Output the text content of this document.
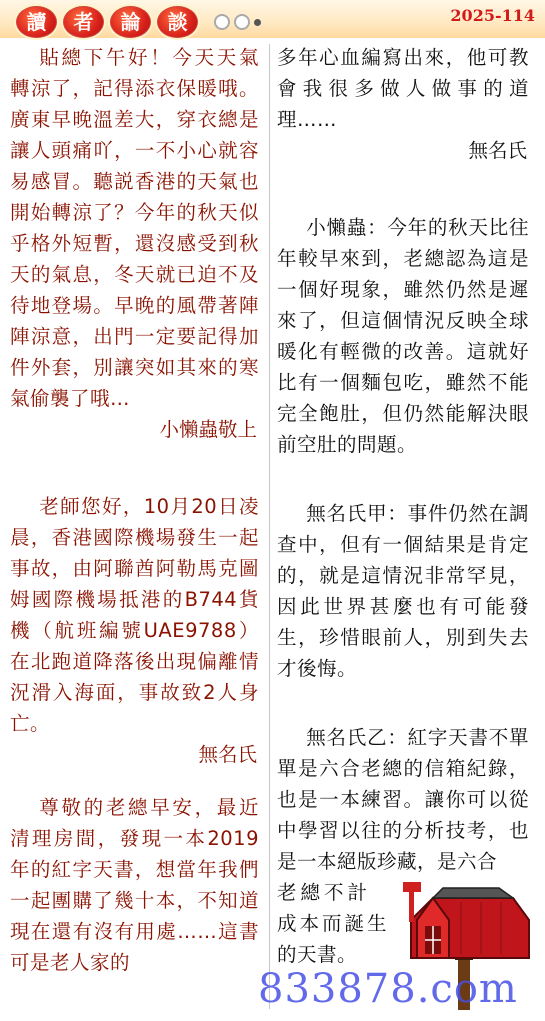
讀	者	論	談	2025-114

貼總下午好！今天天氣轉涼了，記得添衣保暖哦。廣東早晚溫差大，穿衣總是讓人頭痛吖，一不小心就容易感冒。聽説香港的天氣也開始轉涼了？今年的秋天似乎格外短暫，還沒感受到秋天的氣息，冬天就已迫不及待地登場。早晚的風帶著陣陣涼意，出門一定要記得加件外套，別讓突如其來的寒氣偷襲了哦…

小懶蟲敬上

老師您好，10月20日凌晨，香港國際機場發生一起事故，由阿聯酋阿勒馬克圖姆國際機場抵港的B744貨機（航班編號UAE9788）在北跑道降落後出現偏離情況滑入海面，事故致2人身亡。

無名氏

尊敬的老總早安，最近清理房間，發現一本2019年的紅字天書，想當年我們一起團購了幾十本，不知道現在還有沒有用處……這書可是老人家的

多年心血編寫出來，他可教會我很多做人做事的道理……

無名氏

小懶蟲：今年的秋天比往年較早來到，老總認為這是一個好現象，雖然仍然是遲來了，但這個情況反映全球暖化有輕微的改善。這就好比有一個麵包吃，雖然不能完全飽肚，但仍然能解決眼前空肚的問題。

無名氏甲：事件仍然在調查中，但有一個結果是肯定的，就是這情況非常罕見，因此世界甚麼也有可能發生，珍惜眼前人，別到失去才後悔。

無名氏乙：紅字天書不單單是六合老總的信箱紀錄，也是一本練習。讓你可以從中學習以往的分析技考，也是一本絕版珍藏，是六合

老總不計

成本而誕生

的天書。

833878.com
